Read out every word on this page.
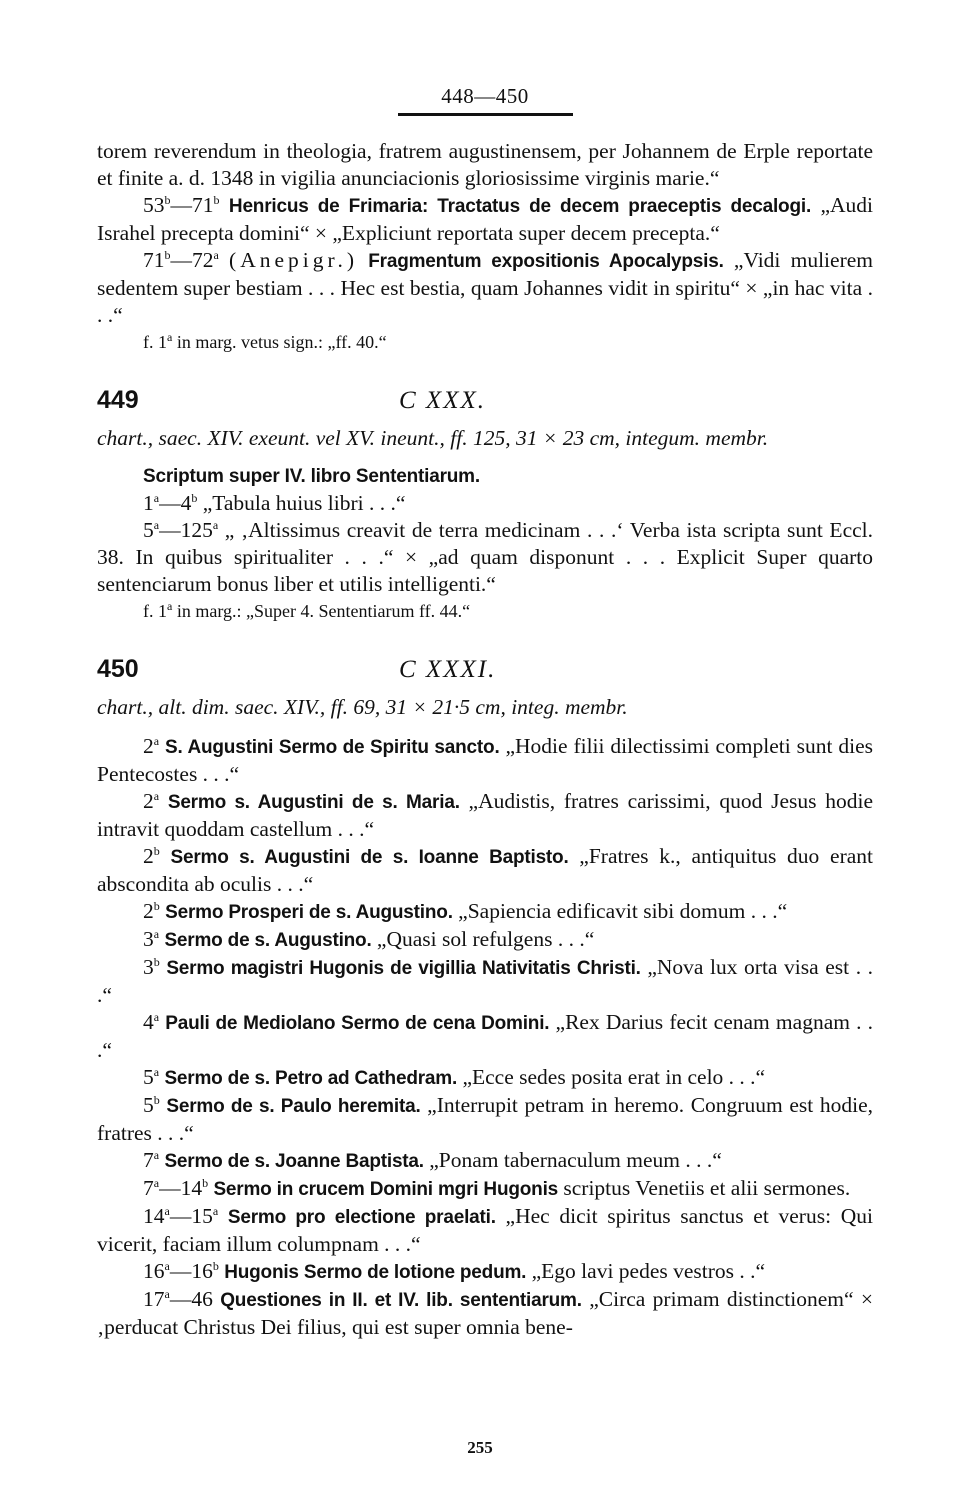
448—450

torem reverendum in theologia, fratrem augustinensem, per Johannem de Erple reportate et finite a. d. 1348 in vigilia anunciacionis gloriosissime virginis marie.“

53$^b$—71$^b$ Henricus de Frimaria: Tractatus de decem praeceptis decalogi. „Audi Israhel precepta domini“ × „Expliciunt reportata super decem precepta.“

71$^b$—72$^a$ (Anepigr.) Fragmentum expositionis Apocalypsis. „Vidi mulierem sedentem super bestiam . . . Hec est bestia, quam Johannes vidit in spiritu“ × „in hac vita . . .“

f. 1$^a$ in marg. vetus sign.: „ff. 40.“

449	C XXX.

chart., saec. XIV. exeunt. vel XV. ineunt., ff. 125, 31 × 23 cm, integum. membr.

Scriptum super IV. libro Sententiarum.

1$^a$—4$^b$ „Tabula huius libri . . .“

5$^a$—125$^a$ „ ‚Altissimus creavit de terra medicinam . . .‘ Verba ista scripta sunt Eccl. 38. In quibus spiritualiter . . .“ × „ad quam disponunt . . . Explicit Super quarto sentenciarum bonus liber et utilis intelligenti.“

f. 1$^a$ in marg.: „Super 4. Sententiarum ff. 44.“

450	C XXXI.

chart., alt. dim. saec. XIV., ff. 69, 31 × 21·5 cm, integ. membr.

2$^a$ S. Augustini Sermo de Spiritu sancto. „Hodie filii dilectissimi completi sunt dies Pentecostes . . .“

2$^a$ Sermo s. Augustini de s. Maria. „Audistis, fratres carissimi, quod Jesus hodie intravit quoddam castellum . . .“

2$^b$ Sermo s. Augustini de s. Ioanne Baptisto. „Fratres k., antiquitus duo erant abscondita ab oculis . . .“

2$^b$ Sermo Prosperi de s. Augustino. „Sapiencia edificavit sibi domum . . .“

3$^a$ Sermo de s. Augustino. „Quasi sol refulgens . . .“

3$^b$ Sermo magistri Hugonis de vigillia Nativitatis Christi. „Nova lux orta visa est . . .“

4$^a$ Pauli de Mediolano Sermo de cena Domini. „Rex Darius fecit cenam magnam . . .“

5$^a$ Sermo de s. Petro ad Cathedram. „Ecce sedes posita erat in celo . . .“

5$^b$ Sermo de s. Paulo heremita. „Interrupit petram in heremo. Congruum est hodie, fratres . . .“

7$^a$ Sermo de s. Joanne Baptista. „Ponam tabernaculum meum . . .“

7$^a$—14$^b$ Sermo in crucem Domini mgri Hugonis scriptus Venetiis et alii sermones.

14$^a$—15$^a$ Sermo pro electione praelati. „Hec dicit spiritus sanctus et verus: Qui vicerit, faciam illum columpnam . . .“

16$^a$—16$^b$ Hugonis Sermo de lotione pedum. „Ego lavi pedes vestros . .“

17$^a$—46 Questiones in II. et IV. lib. sententiarum. „Circa primam distinctionem“ × ‚perducat Christus Dei filius, qui est super omnia bene-

255
